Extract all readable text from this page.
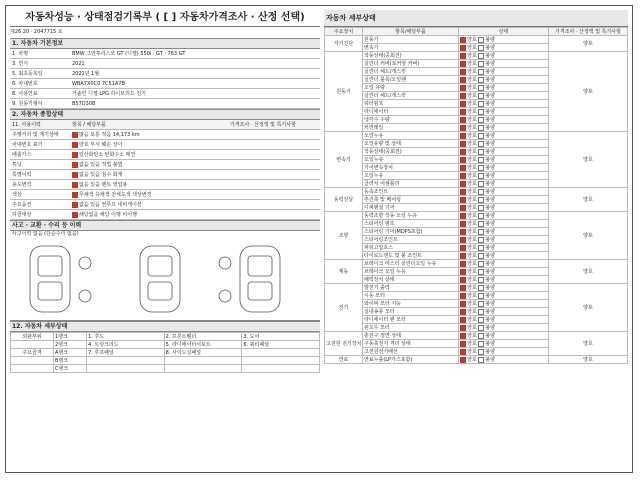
자동차성능 · 상태점검기록부 ( [ ] 자동차가격조사 · 산정 선택)
제26 20 · 2047715 호
1. 자동차 기본정보
1. 차명	BMW 그란투리스모 GT (디젤) 550i · GT · 763 GT
3. 연식	2021
5. 최초등록일	2021년 1월
6. 차대번호	WBA7X0C0 7C51A7B
8. 사용연료	가솔린 디젤 LPG 하이브리드 전기
9. 원동기형식	B57D30B
2. 자동차 종합상태
11. 사용이력	항목 / 해당부품	가격조사 · 산정액 및 특기사항
주행거리 및 계기상태	많음 보통 적음 14,173 km
차대번호 표기	양호 부식 훼손 상이
배출가스	일산화탄소 탄화수소 매연
튜닝	없음 있음 적법 불법
특별이력	없음 있음 침수 화재
용도변경	없음 있음 렌트 영업용
색상	무채색 유채색 전체도색 색상변경
주요옵션	없음 있음 썬루프 네비게이션
리콜대상	해당없음 해당 이행 미이행
사고 · 교환 · 수리 등 이력
사고이력 없음 (단순수리 없음)
12. 자동차 세부상태
외판부위	1랭크	1. 후드	2. 프론트휀더	3. 도어
	2랭크	4. 트렁크리드	5. 라디에이터서포트	6. 쿼터패널
주요골격	A랭크	7. 루프패널	8. 사이드실패널	
	B랭크			
	C랭크			
자동차 세부상태
주요장치	항목/해당부품	상태	가격조사 · 산정액 및 특기사항
자기진단	원동기	양호 불량	양호
	변속기	양호 불량	
원동기	작동상태(공회전)	양호 불량	양호
	실린더 커버(로커암 커버)	양호 불량	
	실린더 헤드/개스킷	양호 불량	
	실린더 블록/오일팬	양호 불량	
	오일 유량	양호 불량	
	실린더 헤드/개스킷	양호 불량	
	워터펌프	양호 불량	
	라디에이터	양호 불량	
	냉각수 수량	양호 불량	
	커먼레일	양호 불량	
변속기	오일누유	양호 불량	양호
	오일유량 및 상태	양호 불량	
	작동상태(공회전)	양호 불량	
	오일누유	양호 불량	
	기어변속장치	양호 불량	
	오일누유	양호 불량	
	클러치 어셈블리	양호 불량	
동력전달	등속조인트	양호 불량	양호
	추진축 및 베어링	양호 불량	
	디퍼렌셜 기어	양호 불량	
조향	동력조향 작동 오일 누유	양호 불량	양호
	스티어링 펌프	양호 불량	
	스티어링 기어(MDPS포함)	양호 불량	
	스티어링조인트	양호 불량	
	파워고압호스	양호 불량	
	타이로드엔드 및 볼 조인트	양호 불량	
제동	브레이크 마스터 실린더오일 누유	양호 불량	양호
	브레이크 오일 누유	양호 불량	
	배력장치 상태	양호 불량	
전기	발전기 출력	양호 불량	양호
	시동 모터	양호 불량	
	와이퍼 모터 기능	양호 불량	
	실내송풍 모터	양호 불량	
	라디에이터 팬 모터	양호 불량	
	윈도우 모터	양호 불량	
고전원 전기장치	충전구 절연 상태	양호 불량	양호
	구동축전지 격리 상태	양호 불량	
	고전원전기배선	양호 불량	
연료	연료누출(LP가스포함)	양호 불량	양호
